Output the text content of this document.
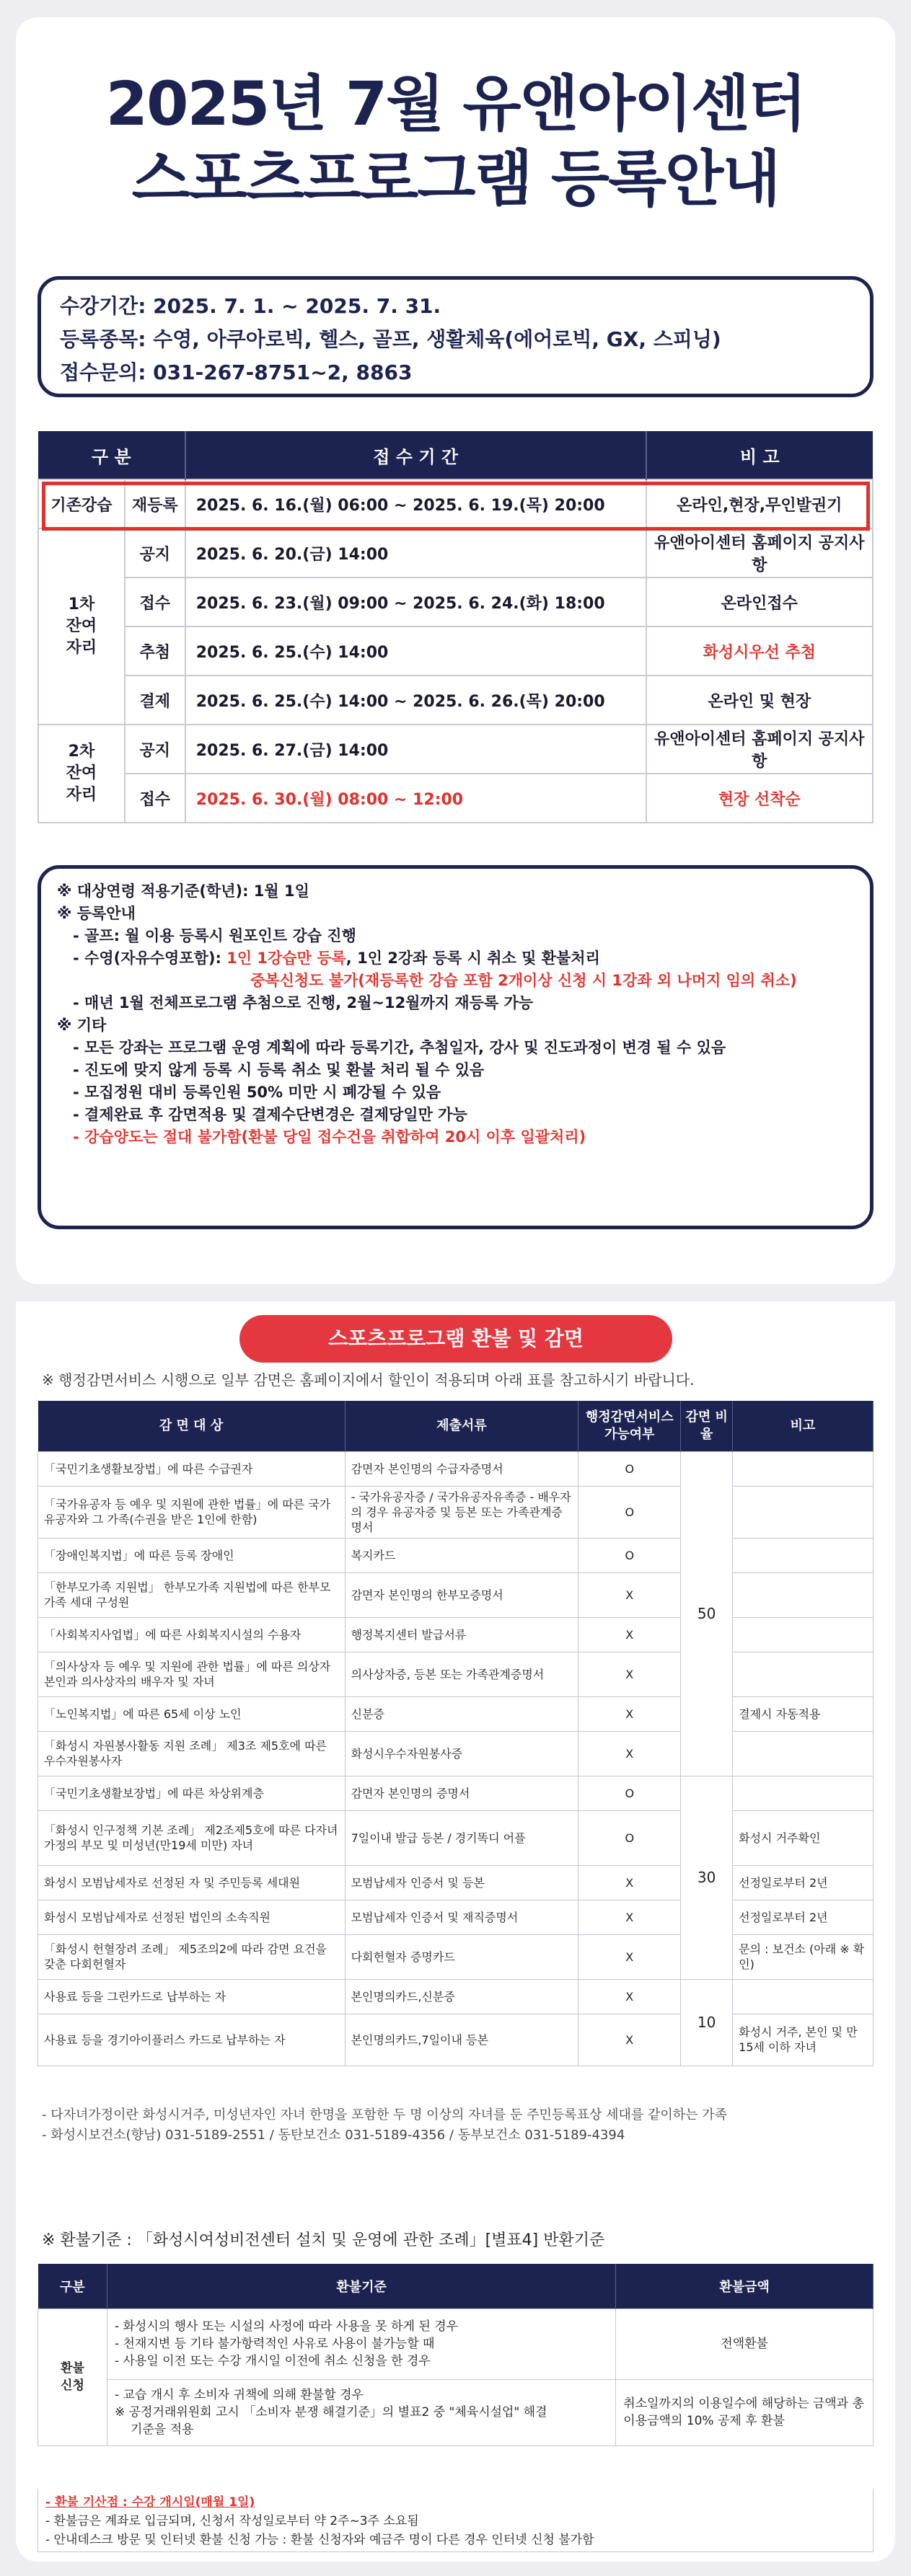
2025년 7월 유앤아이센터
스포츠프로그램 등록안내
수강기간: 2025. 7. 1. ~ 2025. 7. 31.
등록종목: 수영, 아쿠아로빅, 헬스, 골프, 생활체육(에어로빅, GX, 스피닝)
접수문의: 031-267-8751~2, 8863
구 분		접 수 기 간	비 고
기존강습	재등록	2025. 6. 16.(월) 06:00 ~ 2025. 6. 19.(목) 20:00	온라인,현장,무인발권기
1차 잔여 자리	공지	2025. 6. 20.(금) 14:00	유앤아이센터 홈페이지 공지사항
	접수	2025. 6. 23.(월) 09:00 ~ 2025. 6. 24.(화) 18:00	온라인접수
	추첨	2025. 6. 25.(수) 14:00	화성시우선 추첨
	결제	2025. 6. 25.(수) 14:00 ~ 2025. 6. 26.(목) 20:00	온라인 및 현장
2차 잔여 자리	공지	2025. 6. 27.(금) 14:00	유앤아이센터 홈페이지 공지사항
	접수	2025. 6. 30.(월) 08:00 ~ 12:00	현장 선착순
※ 대상연령 적용기준(학년): 1월 1일
※ 등록안내
- 골프: 월 이용 등록시 원포인트 강습 진행
- 수영(자유수영포함): 1인 1강습만 등록, 1인 2강좌 등록 시 취소 및 환불처리
중복신청도 불가(재등록한 강습 포함 2개이상 신청 시 1강좌 외 나머지 임의 취소)
- 매년 1월 전체프로그램 추첨으로 진행, 2월~12월까지 재등록 가능
※ 기타
- 모든 강좌는 프로그램 운영 계획에 따라 등록기간, 추첨일자, 강사 및 진도과정이 변경 될 수 있음
- 진도에 맞지 않게 등록 시 등록 취소 및 환불 처리 될 수 있음
- 모집정원 대비 등록인원 50% 미만 시 폐강될 수 있음
- 결제완료 후 감면적용 및 결제수단변경은 결제당일만 가능
- 강습양도는 절대 불가함(환불 당일 접수건을 취합하여 20시 이후 일괄처리)
스포츠프로그램 환불 및 감면
※ 행정감면서비스 시행으로 일부 감면은 홈페이지에서 할인이 적용되며 아래 표를 참고하시기 바랍니다.
감 면 대 상	제출서류	행정감면서비스 가능여부	감면 비율	비고
「국민기초생활보장법」에 따른 수급권자	감면자 본인명의 수급자증명서	O	50	
「국가유공자 등 예우 및 지원에 관한 법률」에 따른 국가유공자와 그 가족(수권을 받은 1인에 한함)	- 국가유공자증 / 국가유공자유족증 - 배우자의 경우 유공자증 및 등본 또는 가족관계증명서	O		
「장애인복지법」에 따른 등록 장애인	복지카드	O		
「한부모가족 지원법」 한부모가족 지원법에 따른 한부모가족 세대 구성원	감면자 본인명의 한부모증명서	X		
「사회복지사업법」에 따른 사회복지시설의 수용자	행정복지센터 발급서류	X		
「의사상자 등 예우 및 지원에 관한 법률」에 따른 의상자 본인과 의사상자의 배우자 및 자녀	의사상자증, 등본 또는 가족관계증명서	X		
「노인복지법」에 따른 65세 이상 노인	신분증	X		결제시 자동적용
「화성시 자원봉사활동 지원 조례」 제3조 제5호에 따른 우수자원봉사자	화성시우수자원봉사증	X		
「국민기초생활보장법」에 따른 차상위계층	감면자 본인명의 증명서	O	30	
「화성시 인구정책 기본 조례」 제2조제5호에 따른 다자녀가정의 부모 및 미성년(만19세 미만) 자녀	7일이내 발급 등본 / 경기똑디 어플	O		화성시 거주확인
화성시 모범납세자로 선정된 자 및 주민등록 세대원	모범납세자 인증서 및 등본	X		선정일로부터 2년
화성시 모범납세자로 선정된 법인의 소속직원	모범납세자 인증서 및 재직증명서	X		선정일로부터 2년
「화성시 헌혈장려 조례」 제5조의2에 따라 감면 요건을 갖춘 다회헌혈자	다회헌혈자 증명카드	X		문의 : 보건소 (아래 ※ 확인)
사용료 등을 그린카드로 납부하는 자	본인명의카드,신분증	X	10	
사용료 등을 경기아이플러스 카드로 납부하는 자	본인명의카드,7일이내 등본	X		화성시 거주, 본인 및 만 15세 이하 자녀
- 다자녀가정이란 화성시거주, 미성년자인 자녀 한명을 포함한 두 명 이상의 자녀를 둔 주민등록표상 세대를 같이하는 가족
- 화성시보건소(향남) 031-5189-2551 / 동탄보건소 031-5189-4356 / 동부보건소 031-5189-4394
※ 환불기준 : 「화성시여성비전센터 설치 및 운영에 관한 조례」[별표4] 반환기준
구분	환불기준	환불금액
환불 신청	- 화성시의 행사 또는 시설의 사정에 따라 사용을 못 하게 된 경우
- 천재지변 등 기타 불가항력적인 사유로 사용이 불가능할 때
- 사용일 이전 또는 수강 개시일 이전에 취소 신청을 한 경우	전액환불

	- 교습 개시 후 소비자 귀책에 의해 환불할 경우
※ 공정거래위원회 고시 「소비자 분쟁 해결기준」의 별표2 중 "체육시설업" 해결
기준을 적용	취소일까지의 이용일수에 해당하는 금액과 총 이용금액의 10% 공제 후 환불
- 환불 기산점 : 수강 개시일(매월 1일)
- 환불금은 계좌로 입금되며, 신청서 작성일로부터 약 2주~3주 소요됨
- 안내데스크 방문 및 인터넷 환불 신청 가능 : 환불 신청자와 예금주 명이 다른 경우 인터넷 신청 불가함
